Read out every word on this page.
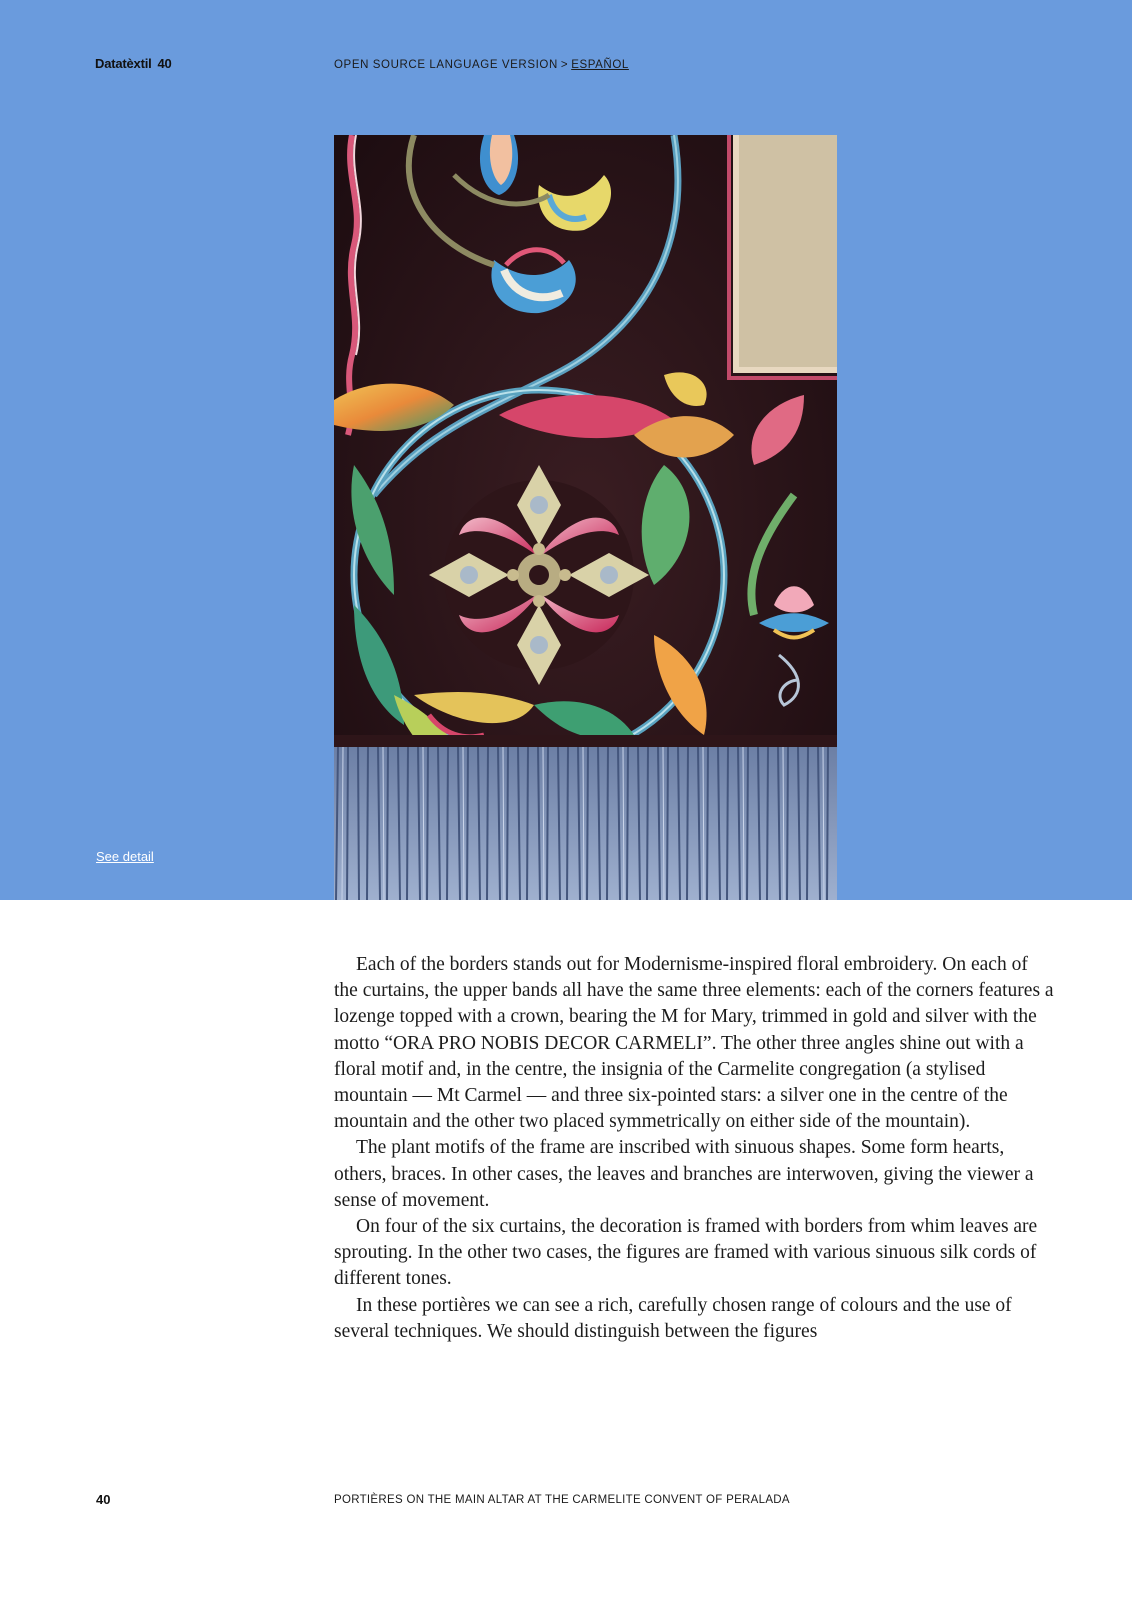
Datatèxtil 40	OPEN SOURCE LANGUAGE VERSION > ESPAÑOL
See detail

Each of the borders stands out for Modernisme-inspired floral embroidery. On each of the curtains, the upper bands all have the same three elements: each of the corners features a lozenge topped with a crown, bearing the M for Mary, trimmed in gold and silver with the motto “ORA PRO NOBIS DECOR CARMELI”. The other three angles shine out with a floral motif and, in the centre, the insignia of the Carmelite congregation (a stylised mountain — Mt Carmel — and three six-pointed stars: a silver one in the centre of the mountain and the other two placed symmetrically on either side of the mountain).

The plant motifs of the frame are inscribed with sinuous shapes. Some form hearts, others, braces. In other cases, the leaves and branches are interwoven, giving the viewer a sense of movement.

On four of the six curtains, the decoration is framed with borders from whim leaves are sprouting. In the other two cases, the figures are framed with various sinuous silk cords of different tones.

In these portières we can see a rich, carefully chosen range of colours and the use of several techniques. We should distinguish between the figures

40	PORTIÈRES ON THE MAIN ALTAR AT THE CARMELITE CONVENT OF PERALADA
